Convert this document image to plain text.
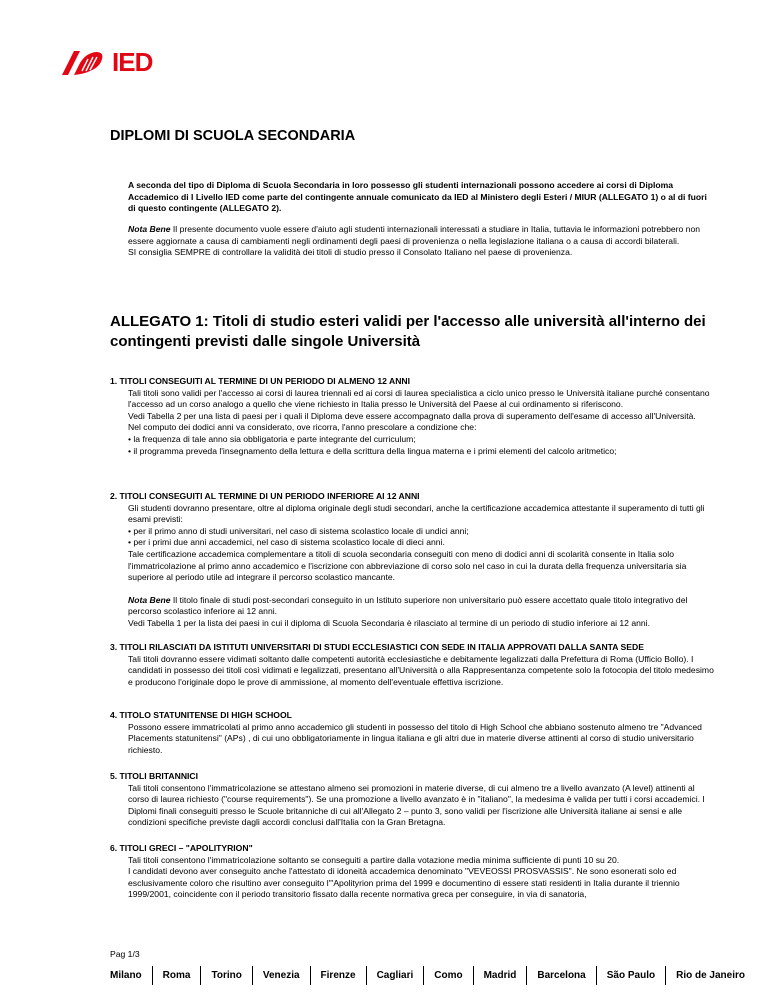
IED
DIPLOMI DI SCUOLA SECONDARIA
A seconda del tipo di Diploma di Scuola Secondaria in loro possesso gli studenti internazionali possono accedere ai corsi di Diploma Accademico di I Livello IED come parte del contingente annuale comunicato da IED al Ministero degli Esteri / MIUR (ALLEGATO 1) o al di fuori di questo contingente (ALLEGATO 2).
Nota Bene Il presente documento vuole essere d'aiuto agli studenti internazionali interessati a studiare in Italia, tuttavia le informazioni potrebbero non essere aggiornate a causa di cambiamenti negli ordinamenti degli paesi di provenienza o nella legislazione italiana o a causa di accordi bilaterali.
SI consiglia SEMPRE di controllare la validità dei titoli di studio presso il Consolato Italiano nel paese di provenienza.
ALLEGATO 1: Titoli di studio esteri validi per l'accesso alle università all'interno dei contingenti previsti dalle singole Università
1. TITOLI CONSEGUITI AL TERMINE DI UN PERIODO DI ALMENO 12 ANNI

Tali titoli sono validi per l'accesso ai corsi di laurea triennali ed ai corsi di laurea specialistica a ciclo unico presso le Università italiane purché consentano l'accesso ad un corso analogo a quello che viene richiesto in Italia presso le Università del Paese al cui ordinamento si riferiscono.

Vedi Tabella 2 per una lista di paesi per i quali il Diploma deve essere accompagnato dalla prova di superamento dell'esame di accesso all'Università.

Nel computo dei dodici anni va considerato, ove ricorra, l'anno prescolare a condizione che:

• la frequenza di tale anno sia obbligatoria e parte integrante del curriculum;

• il programma preveda l'insegnamento della lettura e della scrittura della lingua materna e i primi elementi del calcolo aritmetico;

2. TITOLI CONSEGUITI AL TERMINE DI UN PERIODO INFERIORE AI 12 ANNI

Gli studenti dovranno presentare, oltre al diploma originale degli studi secondari, anche la certificazione accademica attestante il superamento di tutti gli esami previsti:

• per il primo anno di studi universitari, nel caso di sistema scolastico locale di undici anni;

• per i primi due anni accademici, nel caso di sistema scolastico locale di dieci anni.

Tale certificazione accademica complementare a titoli di scuola secondaria conseguiti con meno di dodici anni di scolarità consente in Italia solo l'immatricolazione al primo anno accademico e l'iscrizione con abbreviazione di corso solo nel caso in cui la durata della frequenza universitaria sia superiore al periodo utile ad integrare il percorso scolastico mancante.

Nota Bene Il titolo finale di studi post-secondari conseguito in un Istituto superiore non universitario può essere accettato quale titolo integrativo del percorso scolastico inferiore ai 12 anni.

Vedi Tabella 1 per la lista dei paesi in cui il diploma di Scuola Secondaria è rilasciato al termine di un periodo di studio inferiore ai 12 anni.

3. TITOLI RILASCIATI DA ISTITUTI UNIVERSITARI DI STUDI ECCLESIASTICI CON SEDE IN ITALIA APPROVATI DALLA SANTA SEDE

Tali titoli dovranno essere vidimati soltanto dalle competenti autorità ecclesiastiche e debitamente legalizzati dalla Prefettura di Roma (Ufficio Bollo). I candidati in possesso dei titoli così vidimati e legalizzati, presentano all'Università o alla Rappresentanza competente solo la fotocopia del titolo medesimo e producono l'originale dopo le prove di ammissione, al momento dell'eventuale effettiva iscrizione.

4. TITOLO STATUNITENSE DI HIGH SCHOOL

Possono essere immatricolati al primo anno accademico gli studenti in possesso del titolo di High School che abbiano sostenuto almeno tre "Advanced Placements statunitensi" (APs) , di cui uno obbligatoriamente in lingua italiana e gli altri due in materie diverse attinenti al corso di studio universitario richiesto.

5. TITOLI BRITANNICI

Tali titoli consentono l'immatricolazione se attestano almeno sei promozioni in materie diverse, di cui almeno tre a livello avanzato (A level) attinenti al corso di laurea richiesto ("course requirements"). Se una promozione a livello avanzato è in "italiano", la medesima è valida per tutti i corsi accademici. I Diplomi finali conseguiti presso le Scuole britanniche di cui all'Allegato 2 – punto 3, sono validi per l'iscrizione alle Università italiane ai sensi e alle condizioni specifiche previste dagli accordi conclusi dall'Italia con la Gran Bretagna.

6. TITOLI GRECI – "APOLITYRION"

Tali titoli consentono l'immatricolazione soltanto se conseguiti a partire dalla votazione media minima sufficiente di punti 10 su 20.

I candidati devono aver conseguito anche l'attestato di idoneità accademica denominato "VEVEOSSI PROSVASSIS". Ne sono esonerati solo ed esclusivamente coloro che risultino aver conseguito l'"Apolityrion prima del 1999 e documentino di essere stati residenti in Italia durante il triennio 1999/2001, coincidente con il periodo transitorio fissato dalla recente normativa greca per conseguire, in via di sanatoria,

Pag 1/3
Milano	Roma	Torino	Venezia	Firenze	Cagliari	Como	Madrid	Barcelona	São Paulo	Rio de Janeiro
